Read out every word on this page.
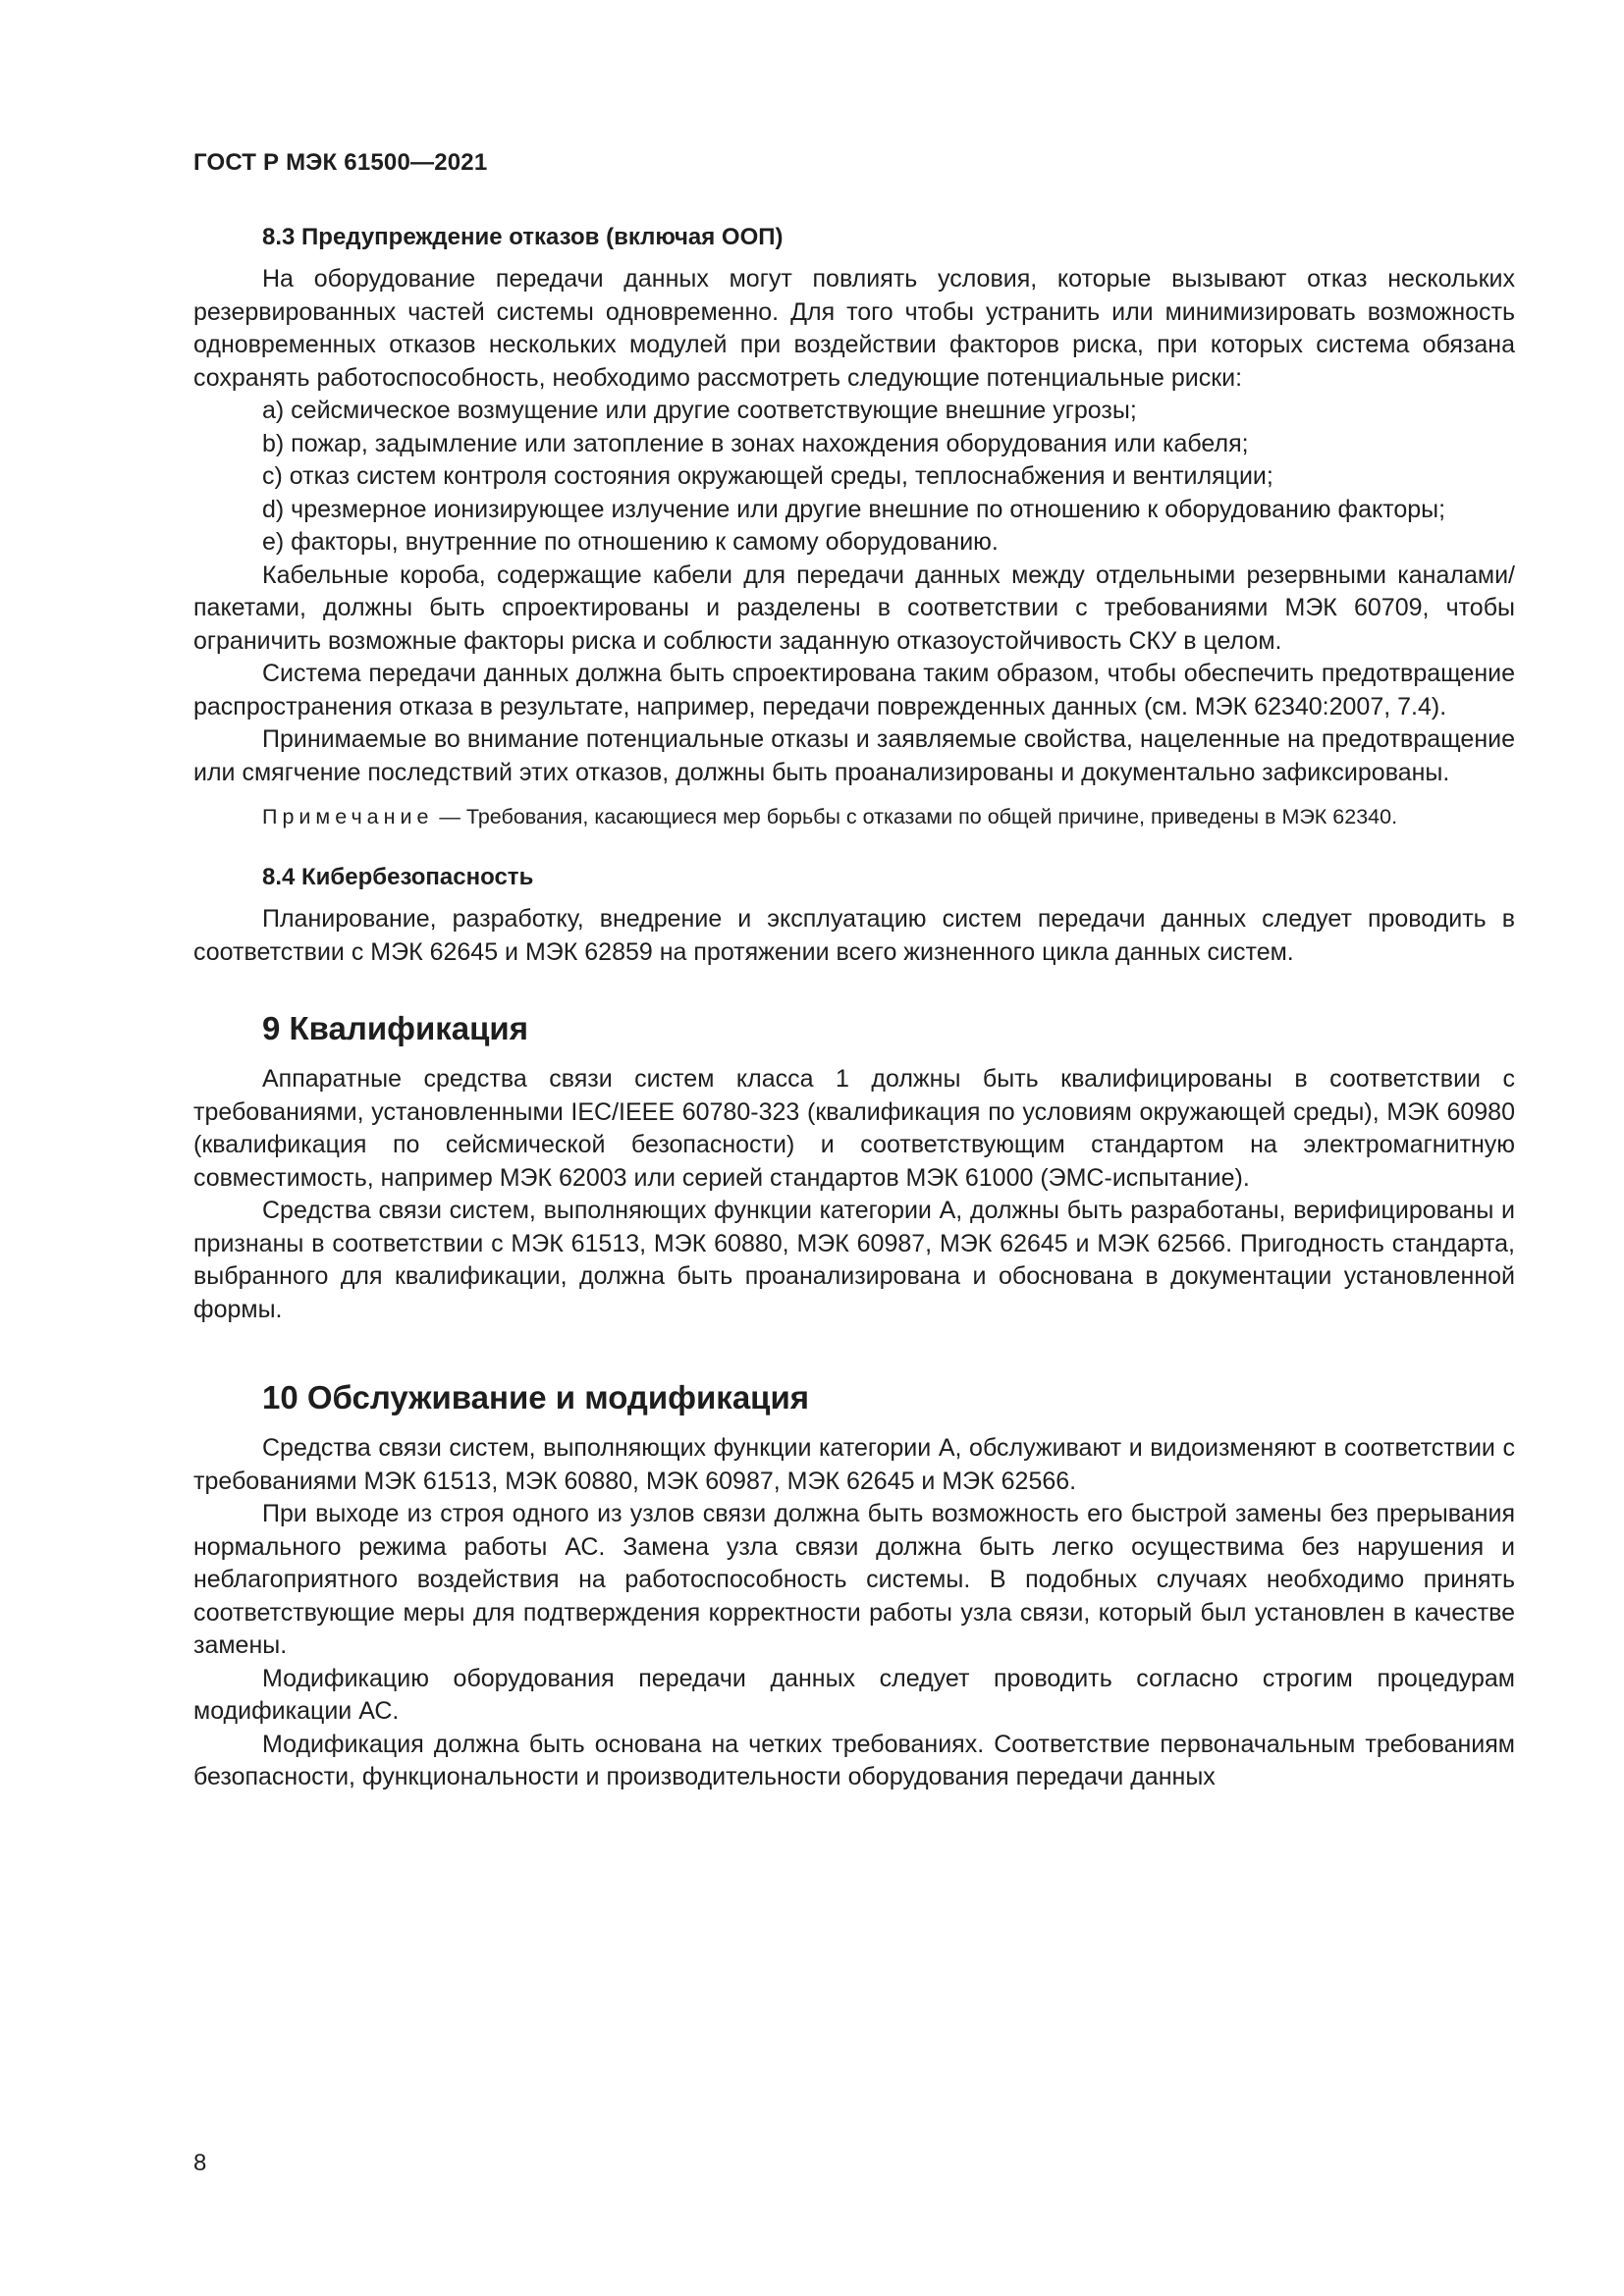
ГОСТ Р МЭК 61500—2021
8.3 Предупреждение отказов (включая ООП)

На оборудование передачи данных могут повлиять условия, которые вызывают отказ нескольких резервированных частей системы одновременно. Для того чтобы устранить или минимизировать возможность одновременных отказов нескольких модулей при воздействии факторов риска, при которых система обязана сохранять работоспособность, необходимо рассмотреть следующие потенциальные риски:

a) сейсмическое возмущение или другие соответствующие внешние угрозы;

b) пожар, задымление или затопление в зонах нахождения оборудования или кабеля;

c) отказ систем контроля состояния окружающей среды, теплоснабжения и вентиляции;

d) чрезмерное ионизирующее излучение или другие внешние по отношению к оборудованию факторы;

e) факторы, внутренние по отношению к самому оборудованию.

Кабельные короба, содержащие кабели для передачи данных между отдельными резервными каналами/пакетами, должны быть спроектированы и разделены в соответствии с требованиями МЭК 60709, чтобы ограничить возможные факторы риска и соблюсти заданную отказоустойчивость СКУ в целом.

Система передачи данных должна быть спроектирована таким образом, чтобы обеспечить предотвращение распространения отказа в результате, например, передачи поврежденных данных (см. МЭК 62340:2007, 7.4).

Принимаемые во внимание потенциальные отказы и заявляемые свойства, нацеленные на предотвращение или смягчение последствий этих отказов, должны быть проанализированы и документально зафиксированы.

Примечание — Требования, касающиеся мер борьбы с отказами по общей причине, приведены в МЭК 62340.
8.4 Кибербезопасность

Планирование, разработку, внедрение и эксплуатацию систем передачи данных следует проводить в соответствии с МЭК 62645 и МЭК 62859 на протяжении всего жизненного цикла данных систем.

9 Квалификация

Аппаратные средства связи систем класса 1 должны быть квалифицированы в соответствии с требованиями, установленными IEC/IEEE 60780-323 (квалификация по условиям окружающей среды), МЭК 60980 (квалификация по сейсмической безопасности) и соответствующим стандартом на электромагнитную совместимость, например МЭК 62003 или серией стандартов МЭК 61000 (ЭМС-испытание).

Средства связи систем, выполняющих функции категории А, должны быть разработаны, верифицированы и признаны в соответствии с МЭК 61513, МЭК 60880, МЭК 60987, МЭК 62645 и МЭК 62566. Пригодность стандарта, выбранного для квалификации, должна быть проанализирована и обоснована в документации установленной формы.

10 Обслуживание и модификация

Средства связи систем, выполняющих функции категории А, обслуживают и видоизменяют в соответствии с требованиями МЭК 61513, МЭК 60880, МЭК 60987, МЭК 62645 и МЭК 62566.

При выходе из строя одного из узлов связи должна быть возможность его быстрой замены без прерывания нормального режима работы АС. Замена узла связи должна быть легко осуществима без нарушения и неблагоприятного воздействия на работоспособность системы. В подобных случаях необходимо принять соответствующие меры для подтверждения корректности работы узла связи, который был установлен в качестве замены.

Модификацию оборудования передачи данных следует проводить согласно строгим процедурам модификации АС.

Модификация должна быть основана на четких требованиях. Соответствие первоначальным требованиям безопасности, функциональности и производительности оборудования передачи данных

8
